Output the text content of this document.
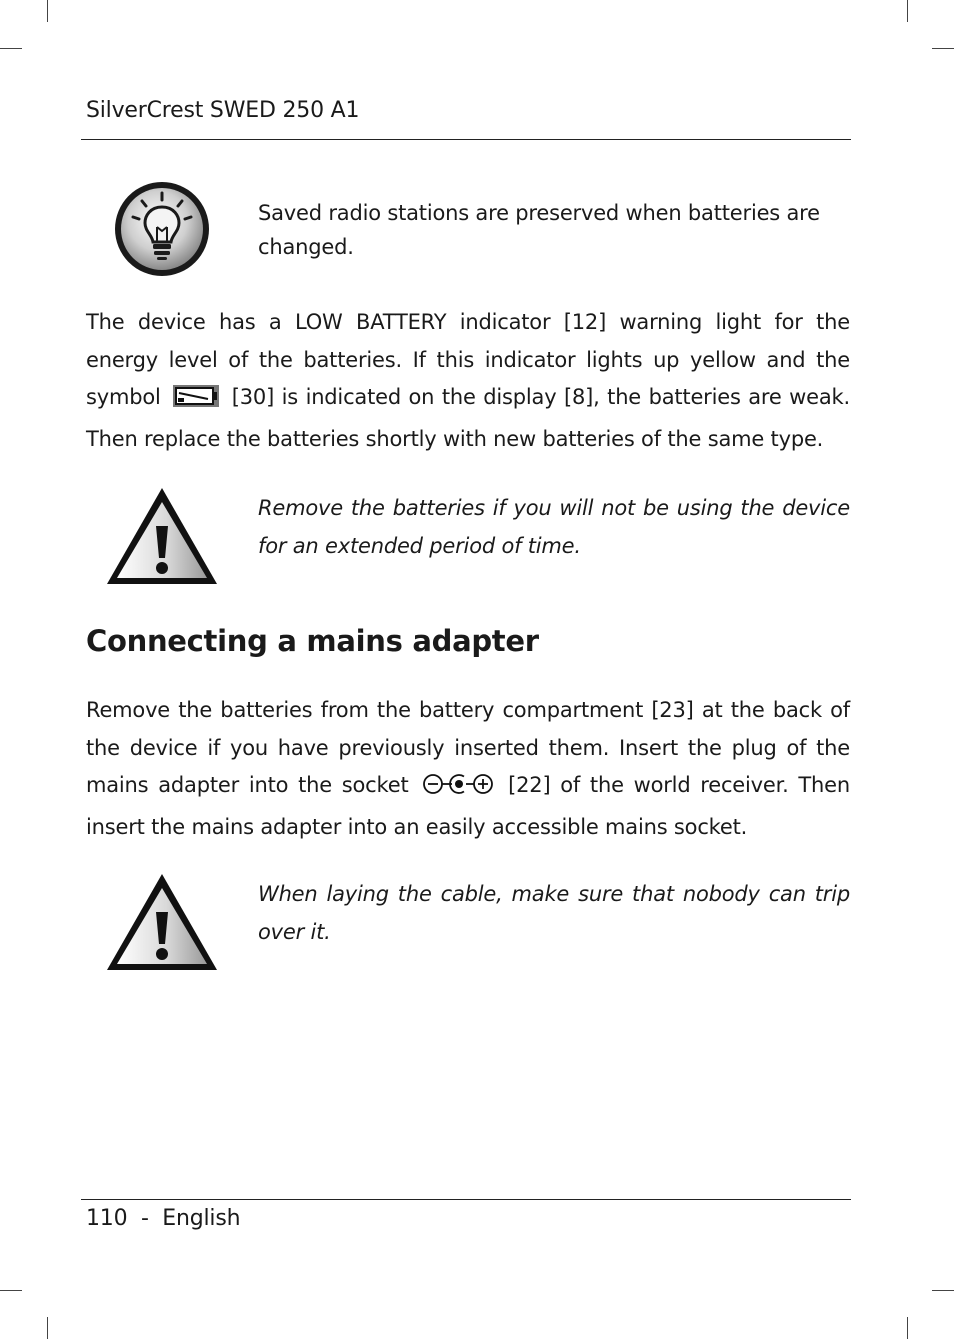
SilverCrest SWED 250 A1
Saved radio stations are preserved when batteries are changed.
The device has a LOW BATTERY indicator [12] warning light for the energy level of the batteries. If this indicator lights up yellow and the symbol	[30] is indicated on the display [8], the batteries are weak. Then replace the batteries shortly with new batteries of the same type.
Remove the batteries if you will not be using the device for an extended period of time.
Connecting a mains adapter
Remove the batteries from the battery compartment [23] at the back of the device if you have previously inserted them. Insert the plug of the mains adapter into the socket	[22] of the world receiver. Then insert the mains adapter into an easily accessible mains socket.
When laying the cable, make sure that nobody can trip over it.
110  -  English
